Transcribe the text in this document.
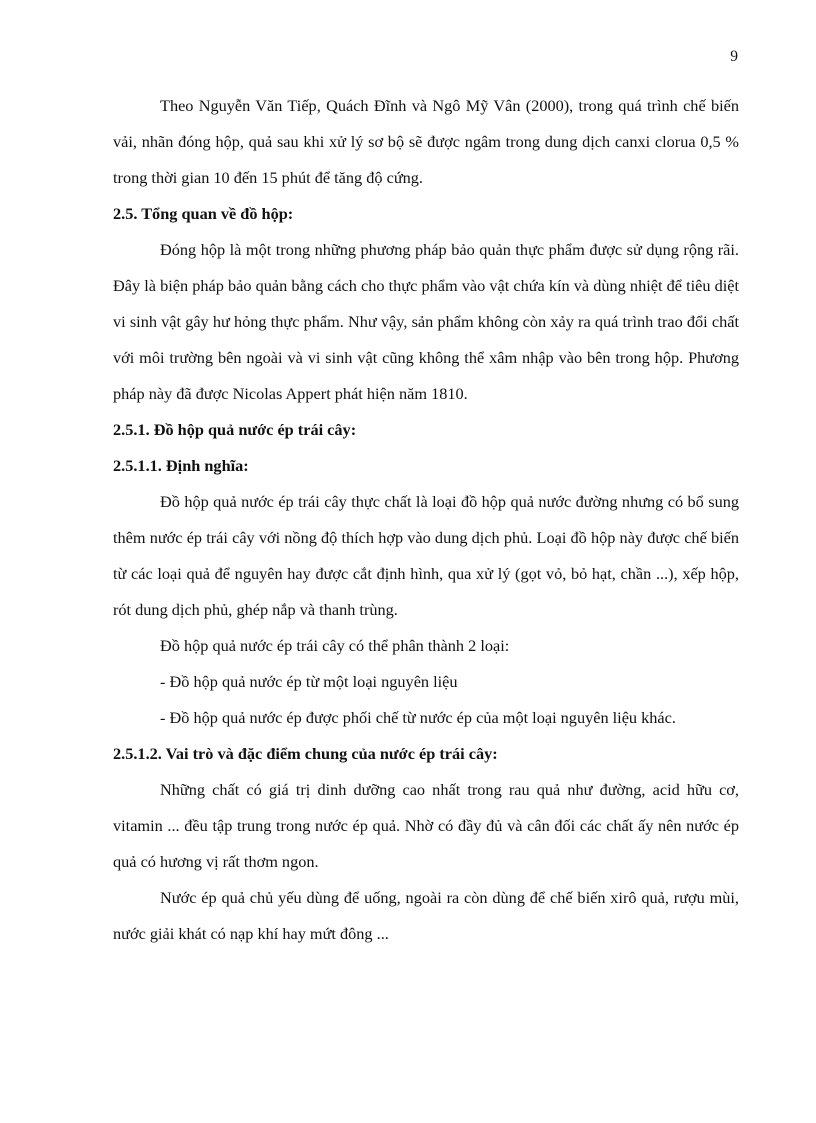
9

Theo Nguyễn Văn Tiếp, Quách Đĩnh và Ngô Mỹ Vân (2000), trong quá trình chế biến vải, nhãn đóng hộp, quả sau khi xử lý sơ bộ sẽ được ngâm trong dung dịch canxi clorua 0,5 % trong thời gian 10 đến 15 phút để tăng độ cứng.

2.5. Tổng quan về đồ hộp:

Đóng hộp là một trong những phương pháp bảo quản thực phẩm được sử dụng rộng rãi. Đây là biện pháp bảo quản bằng cách cho thực phẩm vào vật chứa kín và dùng nhiệt để tiêu diệt vi sinh vật gây hư hỏng thực phẩm. Như vậy, sản phẩm không còn xảy ra quá trình trao đổi chất với môi trường bên ngoài và vi sinh vật cũng không thể xâm nhập vào bên trong hộp. Phương pháp này đã được Nicolas Appert phát hiện năm 1810.

2.5.1. Đồ hộp quả nước ép trái cây:
2.5.1.1. Định nghĩa:

Đồ hộp quả nước ép trái cây thực chất là loại đồ hộp quả nước đường nhưng có bổ sung thêm nước ép trái cây với nồng độ thích hợp vào dung dịch phủ. Loại đồ hộp này được chế biến từ các loại quả để nguyên hay được cắt định hình, qua xử lý (gọt vỏ, bỏ hạt, chần ...), xếp hộp, rót dung dịch phủ, ghép nắp và thanh trùng.

Đồ hộp quả nước ép trái cây có thể phân thành 2 loại:

- Đồ hộp quả nước ép từ một loại nguyên liệu

- Đồ hộp quả nước ép được phối chế từ nước ép của một loại nguyên liệu khác.

2.5.1.2. Vai trò và đặc điểm chung của nước ép trái cây:

Những chất có giá trị dinh dưỡng cao nhất trong rau quả như đường, acid hữu cơ, vitamin ... đều tập trung trong nước ép quả. Nhờ có đầy đủ và cân đối các chất ấy nên nước ép quả có hương vị rất thơm ngon.

Nước ép quả chủ yếu dùng để uống, ngoài ra còn dùng để chế biến xirô quả, rượu mùi, nước giải khát có nạp khí hay mứt đông ...
